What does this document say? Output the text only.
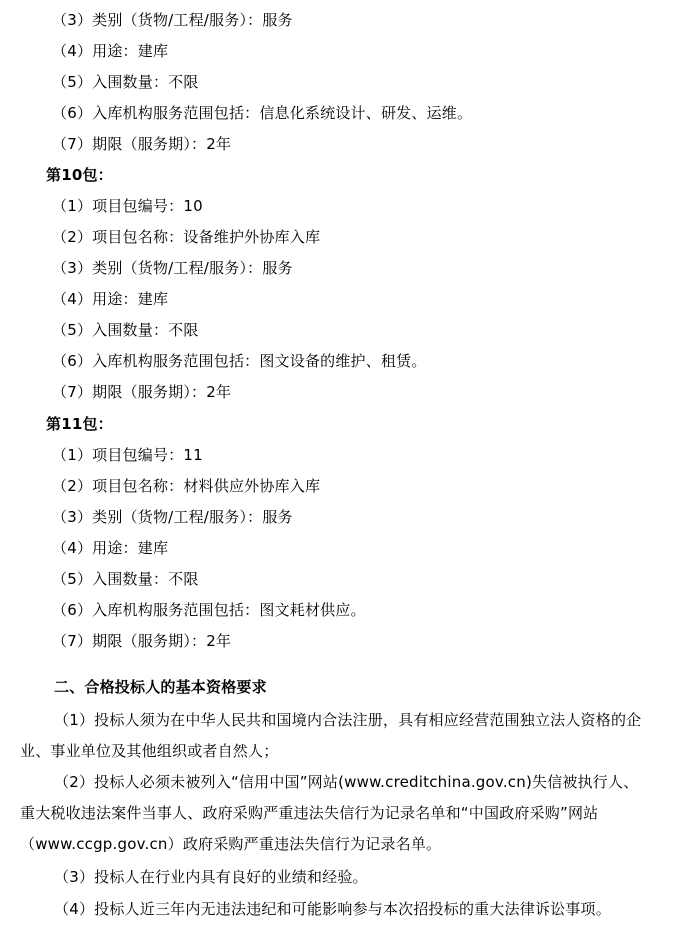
（3）类别（货物/工程/服务）：服务
（4）用途：建库
（5）入围数量：不限
（6）入库机构服务范围包括：信息化系统设计、研发、运维。
（7）期限（服务期）：2年
第10包：
（1）项目包编号：10
（2）项目包名称：设备维护外协库入库
（3）类别（货物/工程/服务）：服务
（4）用途：建库
（5）入围数量：不限
（6）入库机构服务范围包括：图文设备的维护、租赁。
（7）期限（服务期）：2年
第11包：
（1）项目包编号：11
（2）项目包名称：材料供应外协库入库
（3）类别（货物/工程/服务）：服务
（4）用途：建库
（5）入围数量：不限
（6）入库机构服务范围包括：图文耗材供应。
（7）期限（服务期）：2年
二、合格投标人的基本资格要求
（1）投标人须为在中华人民共和国境内合法注册，具有相应经营范围独立法人资格的企
业、事业单位及其他组织或者自然人；
（2）投标人必须未被列入“信用中国”网站(www.creditchina.gov.cn)失信被执行人、
重大税收违法案件当事人、政府采购严重违法失信行为记录名单和“中国政府采购”网站
（www.ccgp.gov.cn）政府采购严重违法失信行为记录名单。
（3）投标人在行业内具有良好的业绩和经验。
（4）投标人近三年内无违法违纪和可能影响参与本次招投标的重大法律诉讼事项。
